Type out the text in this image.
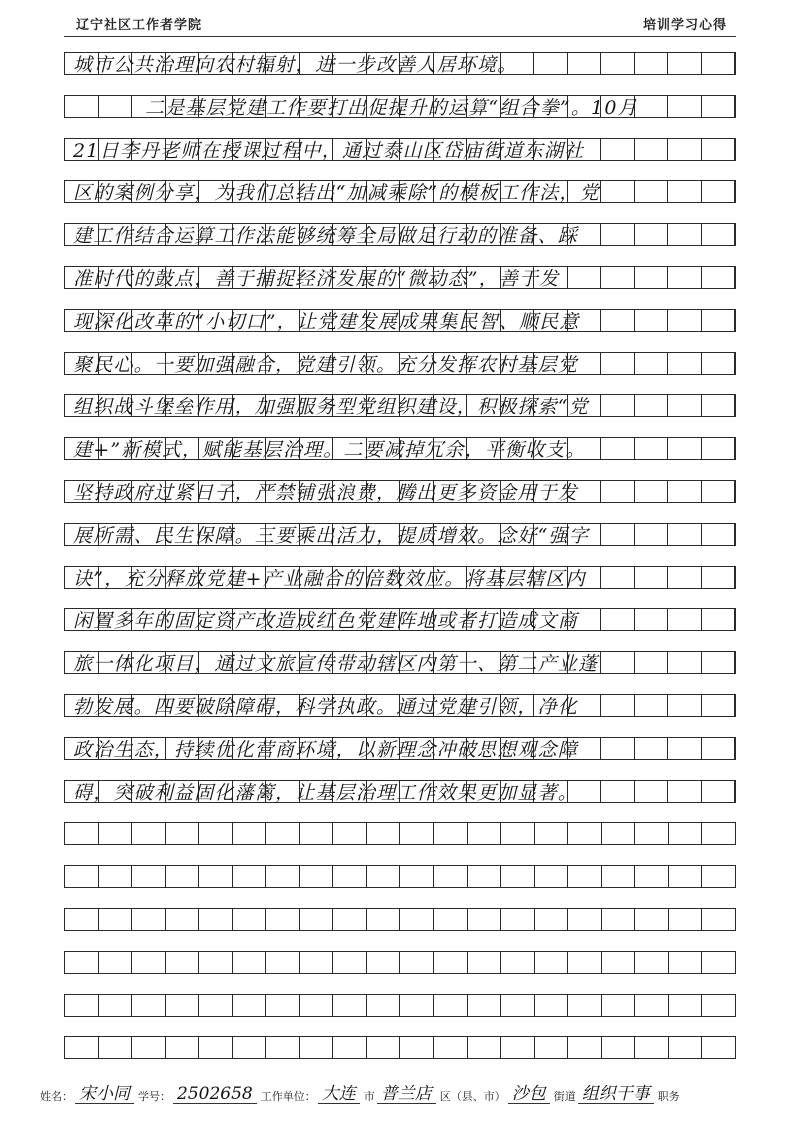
辽宁社区工作者学院	培训学习心得
城市公共治理向农村辐射，进一步改善人居环境。
二是基层党建工作要打出促提升的运算“组合拳”。10月
21日李丹老师在授课过程中，通过泰山区岱庙街道东湖社
区的案例分享，为我们总结出“加减乘除”的模板工作法，党
建工作结合运算工作法能够统筹全局做足行动的准备、踩
准时代的鼓点，善于捕捉经济发展的“微动态”，善于发
现深化改革的“小切口”，让党建发展成果集民智、顺民意
聚民心。一要加强融合，党建引领。充分发挥农村基层党
组织战斗堡垒作用，加强服务型党组织建设，积极探索“党
建+”新模式，赋能基层治理。二要减掉冗余，平衡收支。
坚持政府过紧日子，严禁铺张浪费，腾出更多资金用于发
展所需、民生保障。三要乘出活力，提质增效。念好“强字
诀”，充分释放党建+产业融合的倍数效应。将基层辖区内
闲置多年的固定资产改造成红色党建阵地或者打造成文商
旅一体化项目，通过文旅宣传带动辖区内第一、第二产业蓬
勃发展。四要破除障碍，科学执政。通过党建引领，净化
政治生态，持续优化营商环境，以新理念冲破思想观念障
碍，突破利益固化藩篱，让基层治理工作效果更加显著。
姓名： 宋小同 学号： 2502658 工作单位： 大连 市 普兰店 区（县、市） 沙包 街道 组织干事 职务
